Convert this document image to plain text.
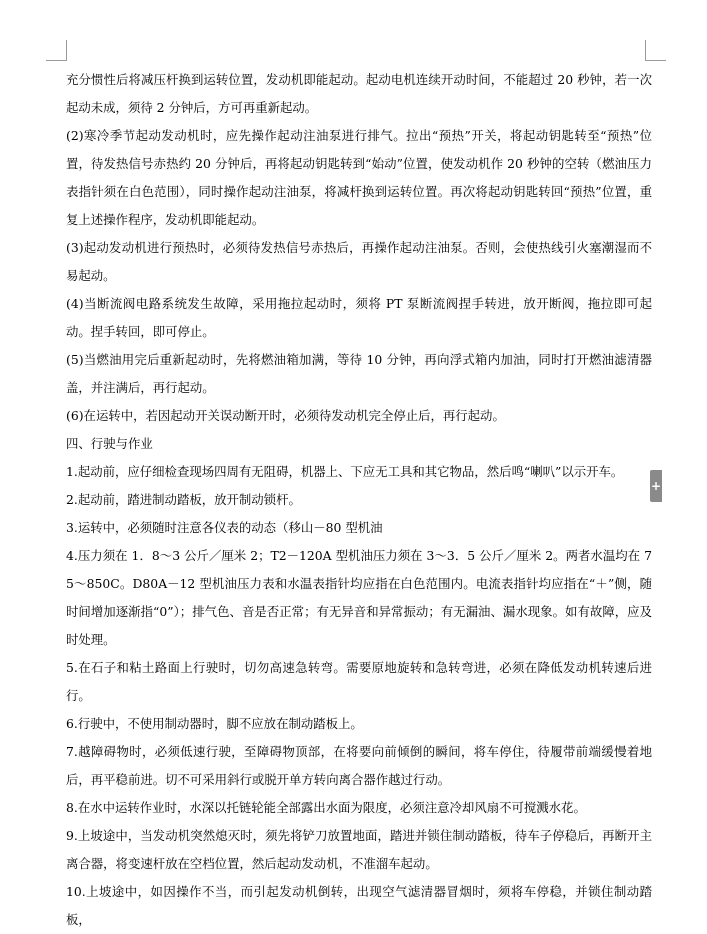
充分惯性后将减压杆换到运转位置，发动机即能起动。起动电机连续开动时间，不能超过 20 秒钟，若一次起动未成，须待 2 分钟后，方可再重新起动。

(2)寒冷季节起动发动机时，应先操作起动注油泵进行排气。拉出“预热”开关，将起动钥匙转至“预热”位置，待发热信号赤热约 20 分钟后，再将起动钥匙转到“始动”位置，使发动机作 20 秒钟的空转（燃油压力表指针须在白色范围），同时操作起动注油泵，将减杆换到运转位置。再次将起动钥匙转回“预热”位置，重复上述操作程序，发动机即能起动。

(3)起动发动机进行预热时，必须待发热信号赤热后，再操作起动注油泵。否则，会使热线引火塞潮湿而不易起动。

(4)当断流阀电路系统发生故障，采用拖拉起动时，须将 PT 泵断流阀捏手转进，放开断阀，拖拉即可起动。捏手转回，即可停止。

(5)当燃油用完后重新起动时，先将燃油箱加满，等待 10 分钟，再向浮式箱内加油，同时打开燃油滤清器盖，并注满后，再行起动。

(6)在运转中，若因起动开关误动断开时，必须待发动机完全停止后，再行起动。

四、行驶与作业

1.起动前，应仔细检查现场四周有无阻碍，机器上、下应无工具和其它物品，然后鸣“喇叭”以示开车。

2.起动前，踏进制动踏板，放开制动锁杆。

3.运转中，必须随时注意各仪表的动态（移山－80 型机油

4.压力须在 1．8～3 公斤／厘米 2；T2－120A 型机油压力须在 3～3．5 公斤／厘米 2。两者水温均在 75～850C。D80A－12 型机油压力表和水温表指针均应指在白色范围内。电流表指针均应指在“＋”侧，随时间增加逐渐指“0”）；排气色、音是否正常；有无异音和异常振动；有无漏油、漏水现象。如有故障，应及时处理。

5.在石子和粘土路面上行驶时，切勿高速急转弯。需要原地旋转和急转弯进，必须在降低发动机转速后进行。

6.行驶中，不使用制动器时，脚不应放在制动踏板上。

7.越障碍物时，必须低速行驶，至障碍物顶部，在将要向前倾倒的瞬间，将车停住，待履带前端缓慢着地后，再平稳前进。切不可采用斜行或脱开单方转向离合器作越过行动。

8.在水中运转作业时，水深以托链轮能全部露出水面为限度，必须注意冷却风扇不可搅溅水花。

9.上坡途中，当发动机突然熄灭时，须先将铲刀放置地面，踏进并锁住制动踏板，待车子停稳后，再断开主离合器，将变速杆放在空档位置，然后起动发动机，不准溜车起动。

10.上坡途中，如因操作不当，而引起发动机倒转，出现空气滤清器冒烟时，须将车停稳，并锁住制动踏板，

+
